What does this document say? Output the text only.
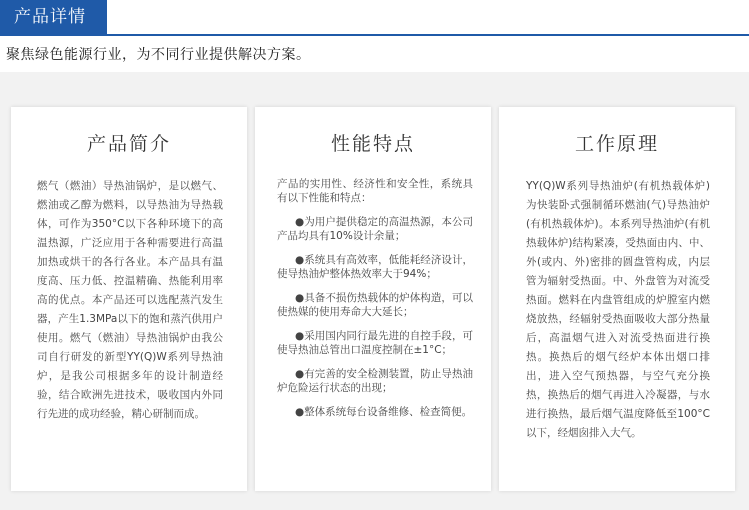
产品详情
聚焦绿色能源行业，为不同行业提供解决方案。
产品简介
燃气（燃油）导热油锅炉，是以燃气、燃油或乙醇为燃料，以导热油为导热载体，可作为350°C以下各种环境下的高温热源，广泛应用于各种需要进行高温加热或烘干的各行各业。本产品具有温度高、压力低、控温精确、热能利用率高的优点。本产品还可以选配蒸汽发生器，产生1.3MPa以下的饱和蒸汽供用户使用。燃气（燃油）导热油锅炉由我公司自行研发的新型YY(Q)W系列导热油炉，是我公司根据多年的设计制造经验，结合欧洲先进技术，吸收国内外同行先进的成功经验，精心研制而成。
性能特点

产品的实用性、经济性和安全性，系统具有以下性能和特点：

●为用户提供稳定的高温热源，本公司产品均具有10%设计余量；

●系统具有高效率，低能耗经济设计，使导热油炉整体热效率大于94%；

●具备不损伤热载体的炉体构造，可以使热媒的使用寿命大大延长；

●采用国内同行最先进的自控手段，可使导热油总管出口温度控制在±1°C；

●有完善的安全检测装置，防止导热油炉危险运行状态的出现；

●整体系统每台设备维修、检查简便。

工作原理
YY(Q)W系列导热油炉(有机热载体炉)为快装卧式强制循环燃油(气)导热油炉(有机热载体炉)。本系列导热油炉(有机热载体炉)结构紧凑，受热面由内、中、外(或内、外)密排的圆盘管构成，内层管为辐射受热面。中、外盘管为对流受热面。燃料在内盘管组成的炉膛室内燃烧放热，经辐射受热面吸收大部分热量后，高温烟气进入对流受热面进行换热。换热后的烟气经炉本体出烟口排出，进入空气预热器，与空气充分换热，换热后的烟气再进入冷凝器，与水进行换热，最后烟气温度降低至100°C以下，经烟囱排入大气。
